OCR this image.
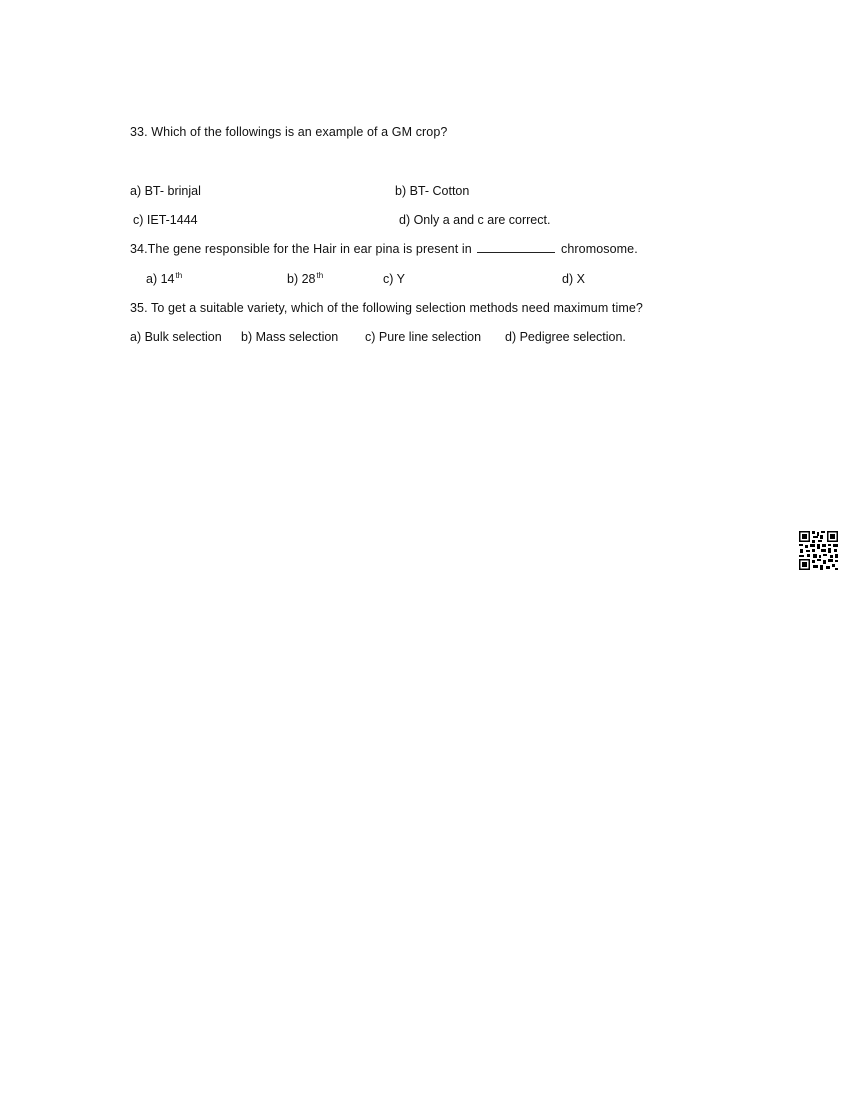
33. Which of the followings is an example of a GM crop?
a) BT- brinjal	b) BT- Cotton
c) IET-1444	d) Only a and c are correct.
34.The gene responsible for the Hair in ear pina is present in	chromosome.
a) 14th	b) 28th	c) Y	d) X
35. To get a suitable variety, which of the following selection methods need maximum time?
a) Bulk selection b) Mass selection c) Pure line selection d) Pedigree selection.
